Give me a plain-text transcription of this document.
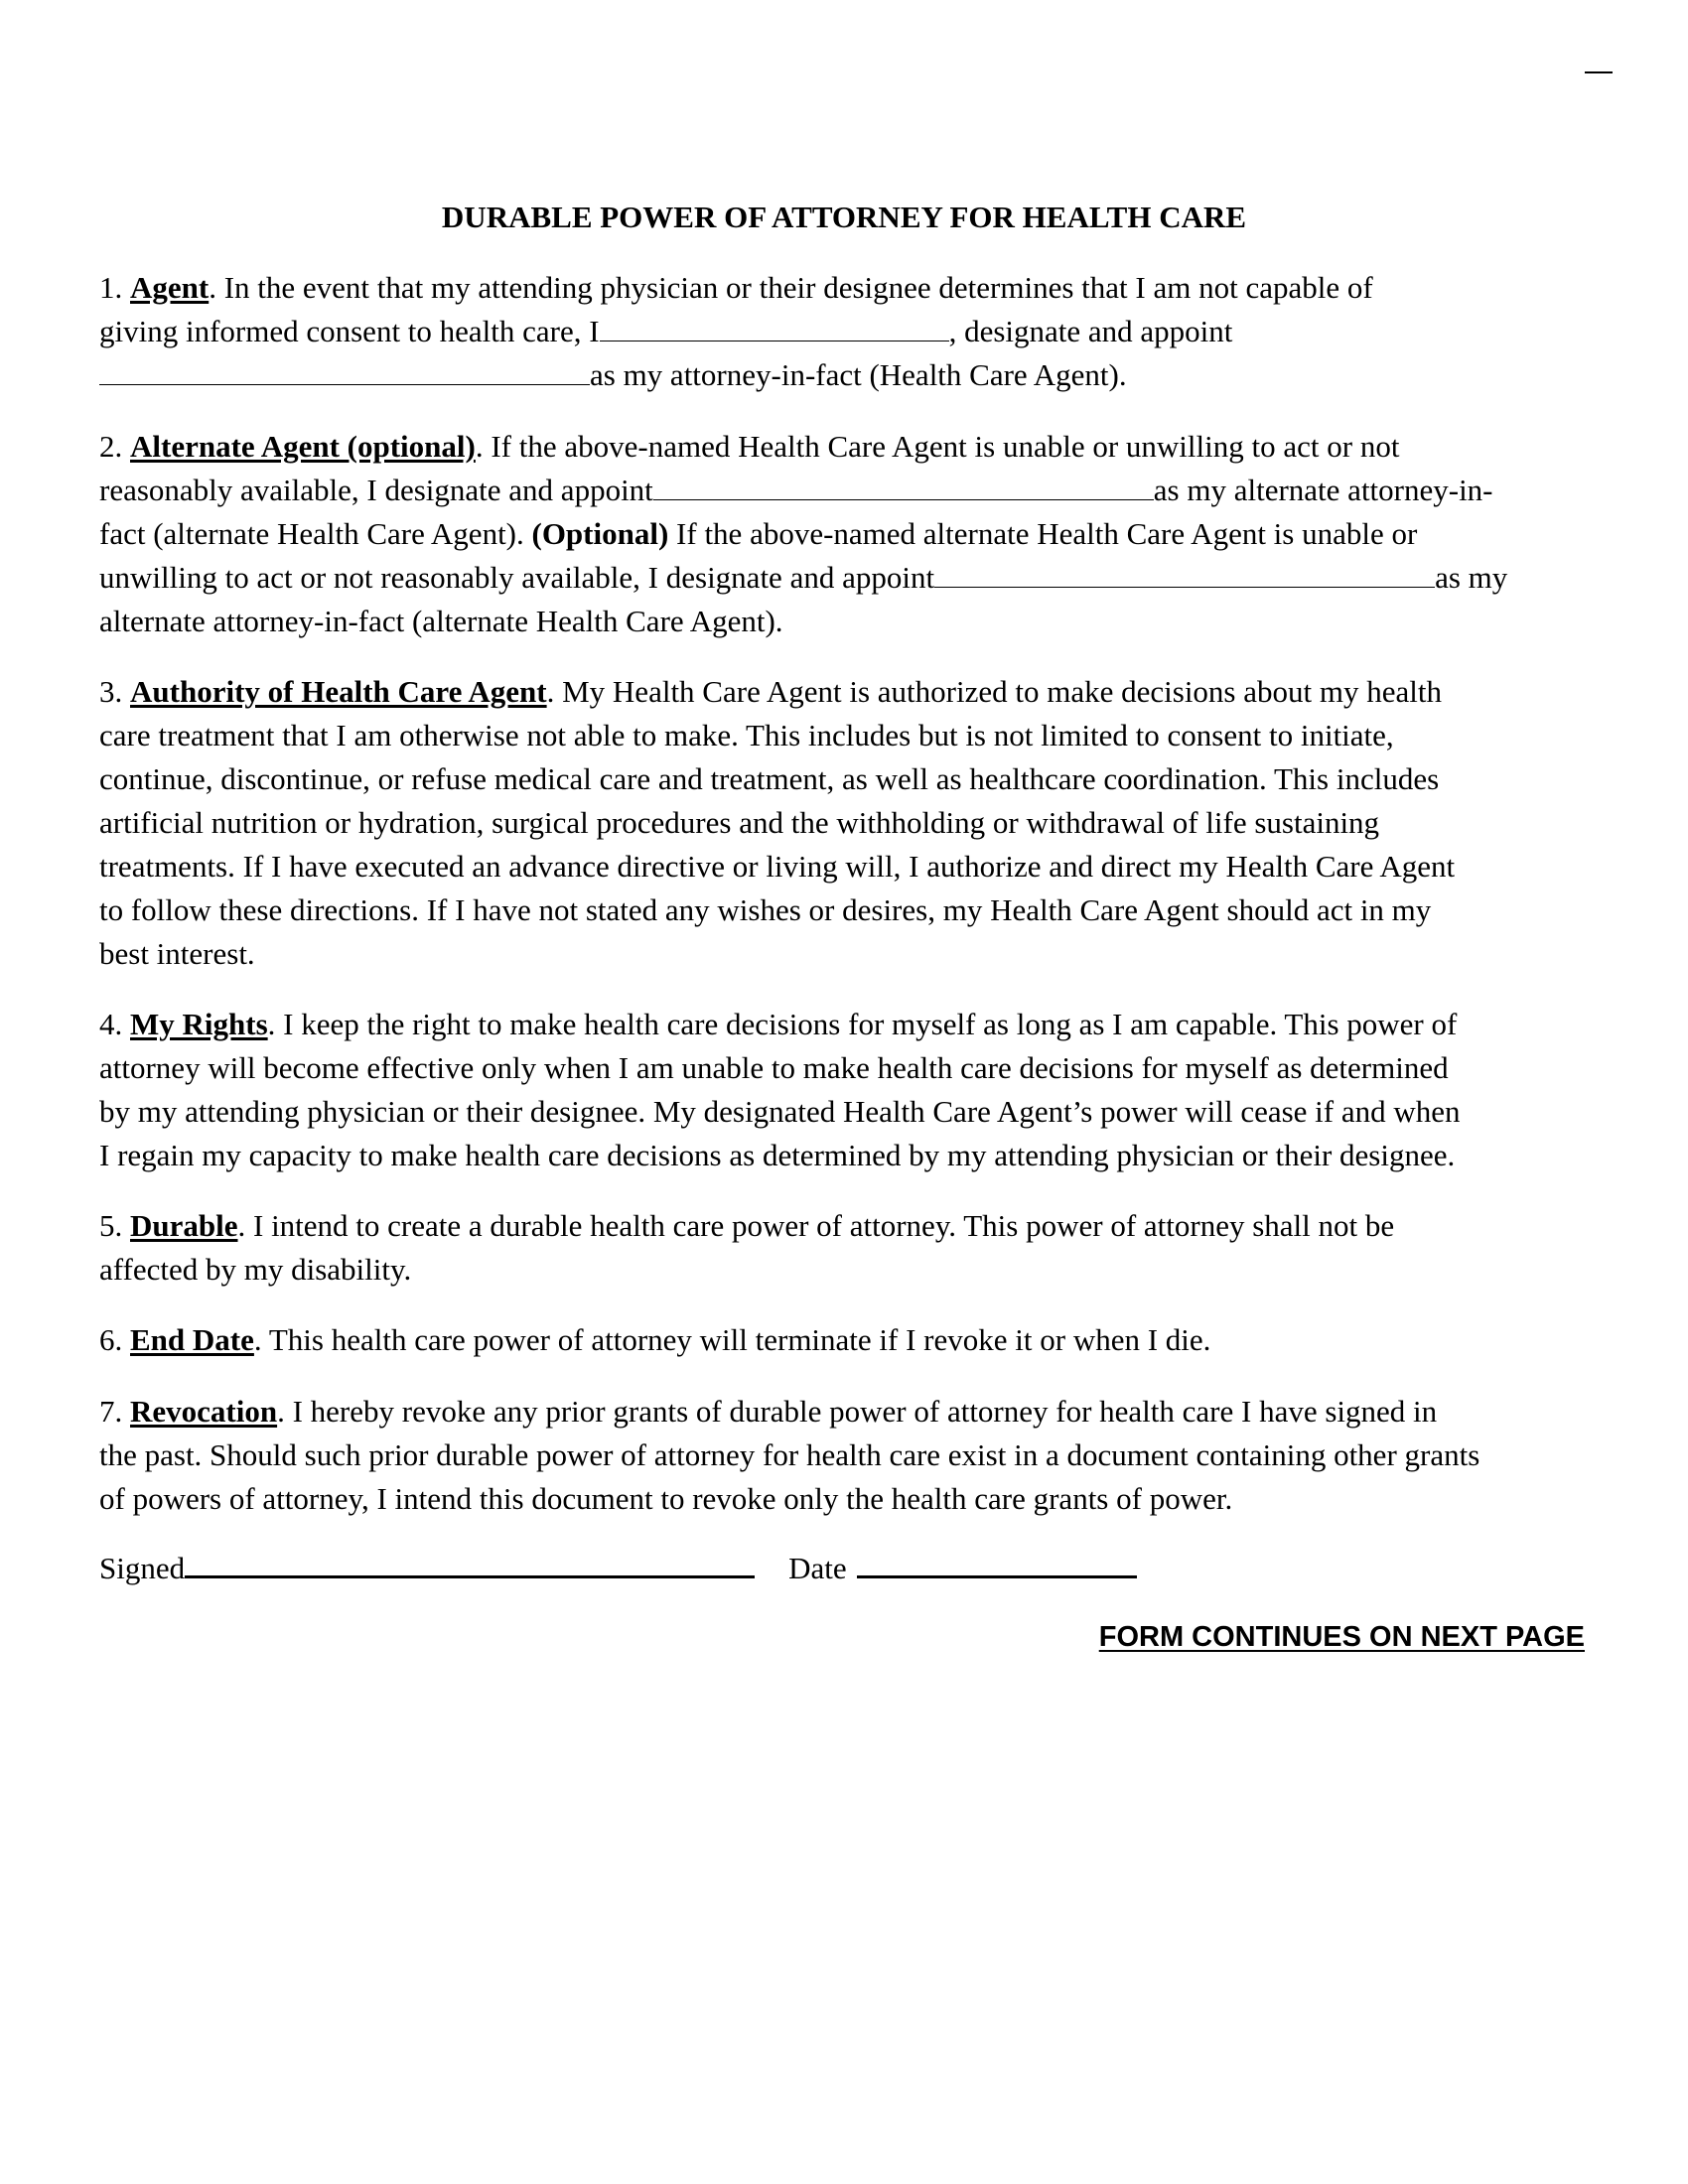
DURABLE POWER OF ATTORNEY FOR HEALTH CARE
1. Agent. In the event that my attending physician or their designee determines that I am not capable of
giving informed consent to health care, I	, designate and appoint
as my attorney-in-fact (Health Care Agent).
2. Alternate Agent (optional). If the above-named Health Care Agent is unable or unwilling to act or not
reasonably available, I designate and appoint	as my alternate attorney-in-
fact (alternate Health Care Agent). (Optional) If the above-named alternate Health Care Agent is unable or
unwilling to act or not reasonably available, I designate and appoint	as my
alternate attorney-in-fact (alternate Health Care Agent).
3. Authority of Health Care Agent. My Health Care Agent is authorized to make decisions about my health
care treatment that I am otherwise not able to make. This includes but is not limited to consent to initiate,
continue, discontinue, or refuse medical care and treatment, as well as healthcare coordination. This includes
artificial nutrition or hydration, surgical procedures and the withholding or withdrawal of life sustaining
treatments. If I have executed an advance directive or living will, I authorize and direct my Health Care Agent
to follow these directions. If I have not stated any wishes or desires, my Health Care Agent should act in my
best interest.
4. My Rights. I keep the right to make health care decisions for myself as long as I am capable. This power of
attorney will become effective only when I am unable to make health care decisions for myself as determined
by my attending physician or their designee. My designated Health Care Agent’s power will cease if and when
I regain my capacity to make health care decisions as determined by my attending physician or their designee.
5. Durable. I intend to create a durable health care power of attorney. This power of attorney shall not be
affected by my disability.
6. End Date. This health care power of attorney will terminate if I revoke it or when I die.
7. Revocation. I hereby revoke any prior grants of durable power of attorney for health care I have signed in
the past. Should such prior durable power of attorney for health care exist in a document containing other grants
of powers of attorney, I intend this document to revoke only the health care grants of power.
Signed	Date
FORM CONTINUES ON NEXT PAGE
